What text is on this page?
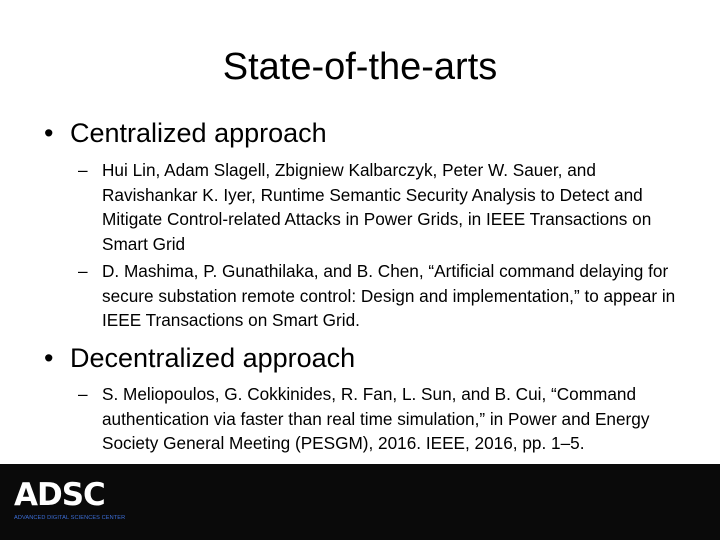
State-of-the-arts
• Centralized approach
– Hui Lin, Adam Slagell, Zbigniew Kalbarczyk, Peter W. Sauer, and Ravishankar K. Iyer, Runtime Semantic Security Analysis to Detect and Mitigate Control-related Attacks in Power Grids, in IEEE Transactions on Smart Grid
– D. Mashima, P. Gunathilaka, and B. Chen, “Artificial command delaying for secure substation remote control: Design and implementation,” to appear in IEEE Transactions on Smart Grid.
• Decentralized approach
– S. Meliopoulos, G. Cokkinides, R. Fan, L. Sun, and B. Cui, “Command authentication via faster than real time simulation,” in Power and Energy Society General Meeting (PESGM), 2016. IEEE, 2016, pp. 1–5.
ADSC
ADVANCED DIGITAL SCIENCES CENTER
